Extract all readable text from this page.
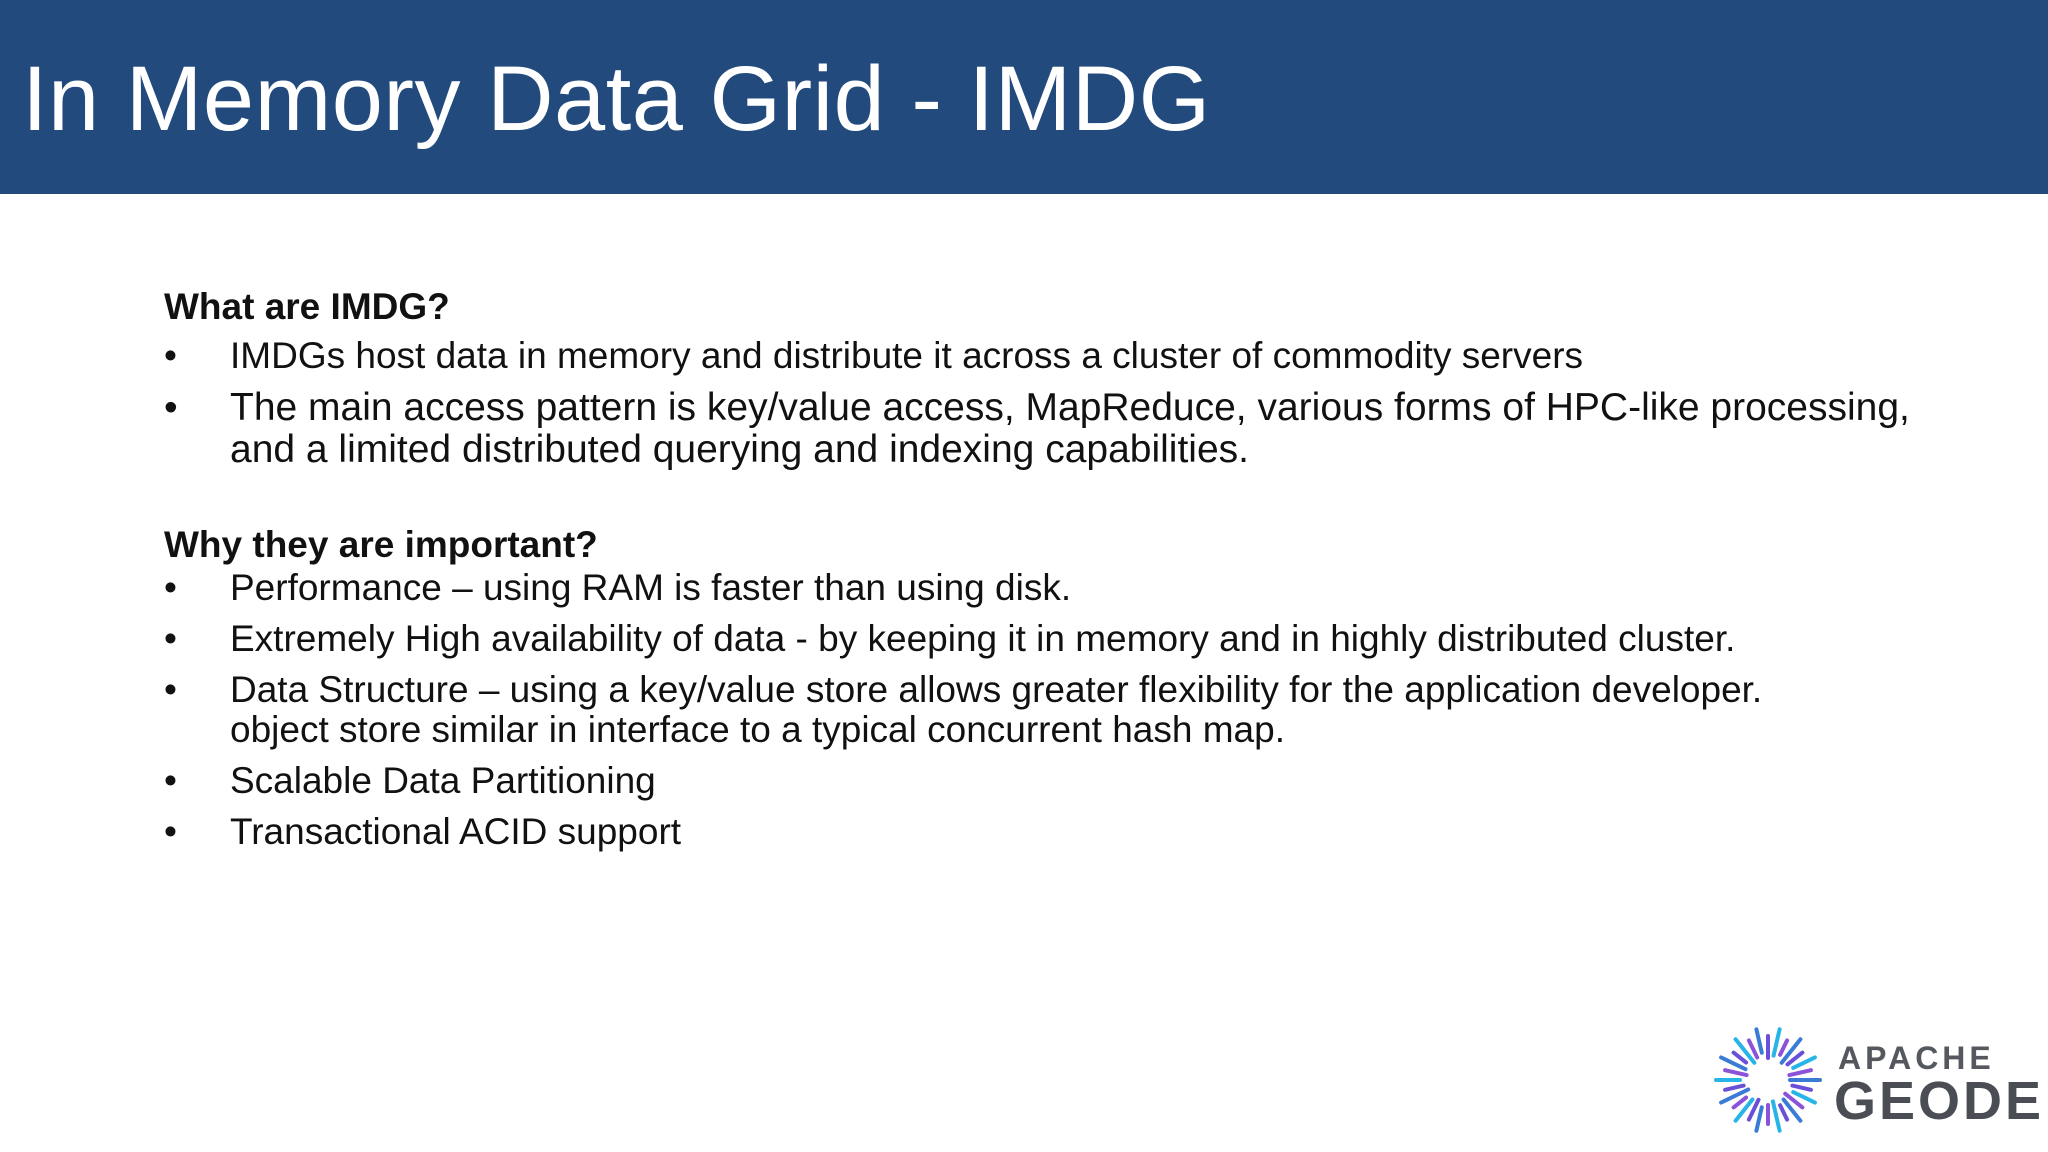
In Memory Data Grid - IMDG

What are IMDG?

•	IMDGs host data in memory and distribute it across a cluster of commodity servers
•	The main access pattern is key/value access, MapReduce, various forms of HPC-like processing,
and a limited distributed querying and indexing capabilities.

Why they are important?

•	Performance – using RAM is faster than using disk.
•	Extremely High availability of data - by keeping it in memory and in highly distributed cluster.
•	Data Structure – using a key/value store allows greater flexibility for the application developer.
object store similar in interface to a typical concurrent hash map.
•	Scalable Data Partitioning
•	Transactional ACID support
APACHE
GEODE
